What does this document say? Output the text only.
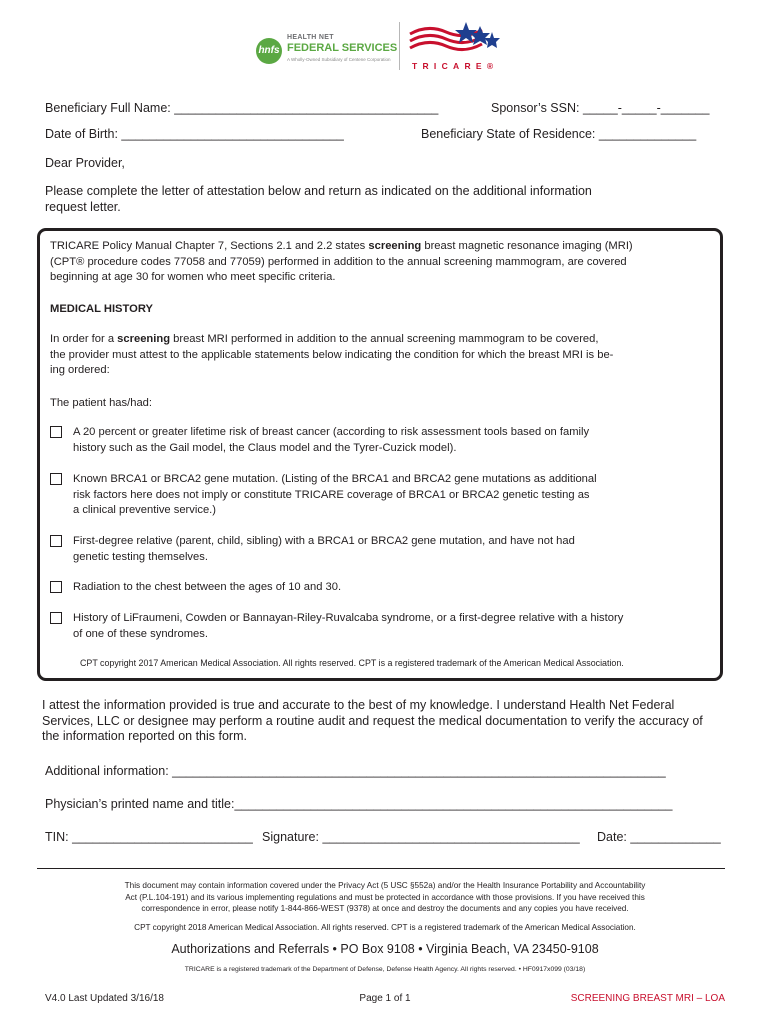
hnfs
HEALTH NET
FEDERAL SERVICES
A Wholly-Owned Subsidiary of Centene Corporation
TRICARE®
Beneficiary Full Name: ______________________________________	Sponsor’s SSN: _____-_____-_______
Date of Birth: ________________________________	Beneficiary State of Residence: ______________
Dear Provider,
Please complete the letter of attestation below and return as indicated on the additional information
request letter.
TRICARE Policy Manual Chapter 7, Sections 2.1 and 2.2 states screening breast magnetic resonance imaging (MRI)
(CPT® procedure codes 77058 and 77059) performed in addition to the annual screening mammogram, are covered
beginning at age 30 for women who meet specific criteria.
MEDICAL HISTORY
In order for a screening breast MRI performed in addition to the annual screening mammogram to be covered,
the provider must attest to the applicable statements below indicating the condition for which the breast MRI is be-
ing ordered:
The patient has/had:
A 20 percent or greater lifetime risk of breast cancer (according to risk assessment tools based on family
history such as the Gail model, the Claus model and the Tyrer-Cuzick model).
Known BRCA1 or BRCA2 gene mutation. (Listing of the BRCA1 and BRCA2 gene mutations as additional
risk factors here does not imply or constitute TRICARE coverage of BRCA1 or BRCA2 genetic testing as
a clinical preventive service.)
First-degree relative (parent, child, sibling) with a BRCA1 or BRCA2 gene mutation, and have not had
genetic testing themselves.
Radiation to the chest between the ages of 10 and 30.
History of LiFraumeni, Cowden or Bannayan-Riley-Ruvalcaba syndrome, or a first-degree relative with a history
of one of these syndromes.
CPT copyright 2017 American Medical Association. All rights reserved. CPT is a registered trademark of the American Medical Association.
I attest the information provided is true and accurate to the best of my knowledge. I understand Health Net Federal
Services, LLC or designee may perform a routine audit and request the medical documentation to verify the accuracy of
the information reported on this form.
Additional information: _______________________________________________________________________
Physician’s printed name and title:_______________________________________________________________
TIN: __________________________ Signature: _____________________________________ Date: _____________
This document may contain information covered under the Privacy Act (5 USC §552a) and/or the Health Insurance Portability and Accountability
Act (P.L.104-191) and its various implementing regulations and must be protected in accordance with those provisions. If you have received this
correspondence in error, please notify 1-844-866-WEST (9378) at once and destroy the documents and any copies you have received.
CPT copyright 2018 American Medical Association. All rights reserved. CPT is a registered trademark of the American Medical Association.
Authorizations and Referrals • PO Box 9108 • Virginia Beach, VA 23450-9108
TRICARE is a registered trademark of the Department of Defense, Defense Health Agency. All rights reserved. • HF0917x099 (03/18)
V4.0 Last Updated 3/16/18	Page 1 of 1	SCREENING BREAST MRI – LOA
